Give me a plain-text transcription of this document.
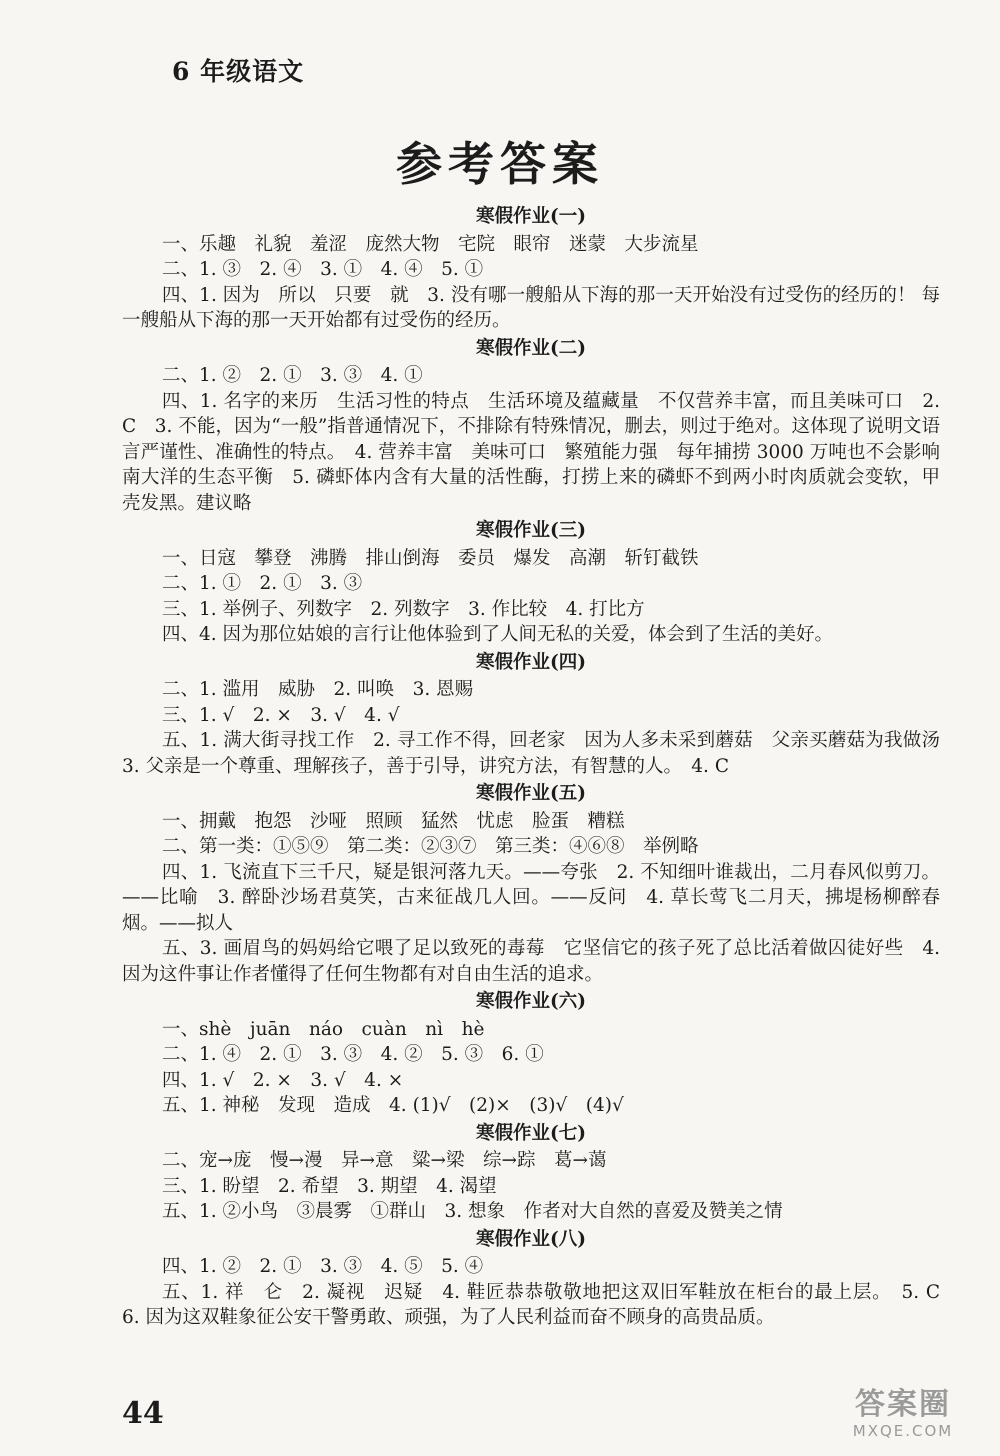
6 年级语文
参考答案
寒假作业(一)

一、乐趣　礼貌　羞涩　庞然大物　宅院　眼帘　迷蒙　大步流星

二、1. ③　2. ④　3. ①　4. ④　5. ①

四、1. 因为　所以　只要　就　3. 没有哪一艘船从下海的那一天开始没有过受伤的经历的！ 每一艘船从下海的那一天开始都有过受伤的经历。

寒假作业(二)

二、1. ②　2. ①　3. ③　4. ①

四、1. 名字的来历　生活习性的特点　生活环境及蕴藏量　不仅营养丰富，而且美味可口　2. C　3. 不能，因为“一般”指普通情况下，不排除有特殊情况，删去，则过于绝对。这体现了说明文语言严谨性、准确性的特点。　4. 营养丰富　美味可口　繁殖能力强　每年捕捞 3000 万吨也不会影响南大洋的生态平衡　5. 磷虾体内含有大量的活性酶，打捞上来的磷虾不到两小时肉质就会变软，甲壳发黑。建议略

寒假作业(三)

一、日寇　攀登　沸腾　排山倒海　委员　爆发　高潮　斩钉截铁

二、1. ①　2. ①　3. ③

三、1. 举例子、列数字　2. 列数字　3. 作比较　4. 打比方

四、4. 因为那位姑娘的言行让他体验到了人间无私的关爱，体会到了生活的美好。

寒假作业(四)

二、1. 滥用　威胁　2. 叫唤　3. 恩赐

三、1. √　2. ×　3. √　4. √

五、1. 满大街寻找工作　2. 寻工作不得，回老家　因为人多未采到蘑菇　父亲买蘑菇为我做汤　3. 父亲是一个尊重、理解孩子，善于引导，讲究方法，有智慧的人。　4. C

寒假作业(五)

一、拥戴　抱怨　沙哑　照顾　猛然　忧虑　脸蛋　糟糕

二、第一类：①⑤⑨　第二类：②③⑦　第三类：④⑥⑧　举例略

四、1. 飞流直下三千尺，疑是银河落九天。——夸张　2. 不知细叶谁裁出，二月春风似剪刀。——比喻　3. 醉卧沙场君莫笑，古来征战几人回。——反问　4. 草长莺飞二月天，拂堤杨柳醉春烟。——拟人

五、3. 画眉鸟的妈妈给它喂了足以致死的毒莓　它坚信它的孩子死了总比活着做囚徒好些　4. 因为这件事让作者懂得了任何生物都有对自由生活的追求。

寒假作业(六)

一、shè　juān　náo　cuàn　nì　hè

二、1. ④　2. ①　3. ③　4. ②　5. ③　6. ①

四、1. √　2. ×　3. √　4. ×

五、1. 神秘　发现　造成　4. (1)√　(2)×　(3)√　(4)√

寒假作业(七)

二、宠→庞　慢→漫　异→意　粱→梁　综→踪　葛→蔼

三、1. 盼望　2. 希望　3. 期望　4. 渴望

五、1. ②小鸟　③晨雾　①群山　3. 想象　作者对大自然的喜爱及赞美之情

寒假作业(八)

四、1. ②　2. ①　3. ③　4. ⑤　5. ④

五、1. 祥　仑　2. 凝视　迟疑　4. 鞋匠恭恭敬敬地把这双旧军鞋放在柜台的最上层。　5. C　6. 因为这双鞋象征公安干警勇敢、顽强，为了人民利益而奋不顾身的高贵品质。

44	答案圈
MXQE.COM
